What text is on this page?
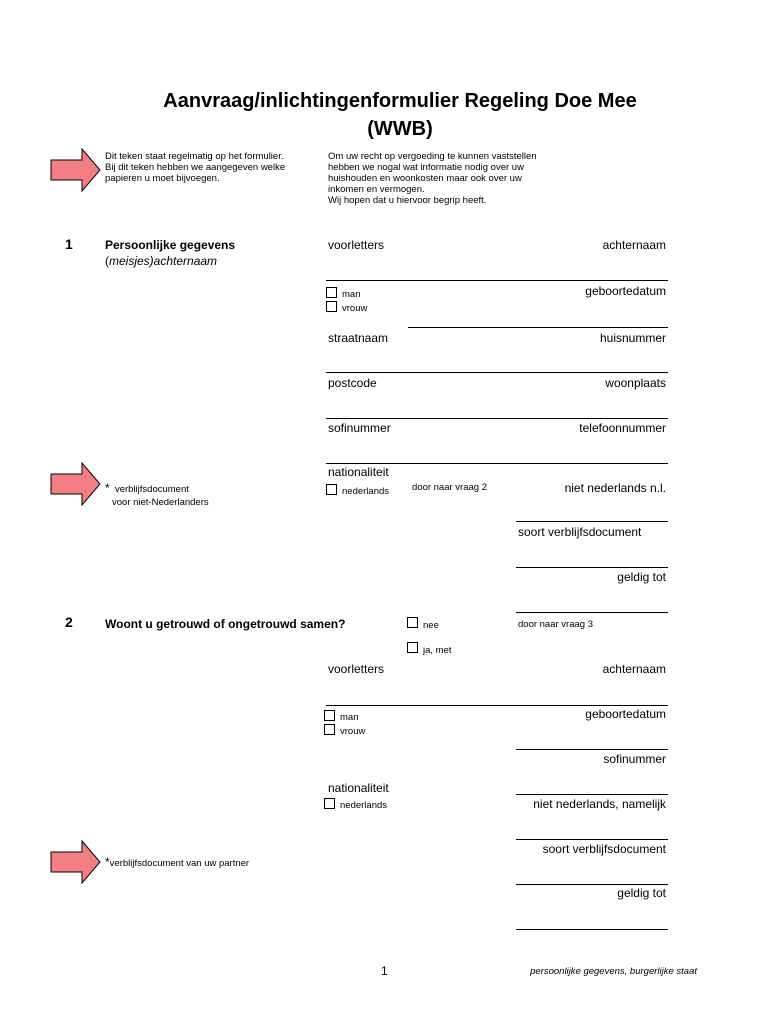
Aanvraag/inlichtingenformulier Regeling Doe Mee
(WWB)
Dit teken staat regelmatig op het formulier.
Bij dit teken hebben we aangegeven welke
papieren u moet bijvoegen.
Om uw recht op vergoeding te kunnen vaststellen
hebben we nogal wat informatie nodig over uw
huishouden en woonkosten maar ook over uw
inkomen en vermogen.
Wij hopen dat u hiervoor begrip heeft.
1	Persoonlijke gegevens
(meisjes)achternaam
voorletters	achternaam
man
vrouw
geboortedatum
straatnaam	huisnummer
postcode	woonplaats
sofinummer	telefoonnummer
nationaliteit
nederlands door naar vraag 2	niet nederlands n.l.
* verblijfsdocument
voor niet-Nederlanders
soort verblijfsdocument
geldig tot
2	Woont u getrouwd of ongetrouwd samen?	nee	door naar vraag 3
ja, met
voorletters	achternaam
man
vrouw
geboortedatum
sofinummer
nationaliteit
nederlands	niet nederlands, namelijk
*verblijfsdocument van uw partner
soort verblijfsdocument
geldig tot
1	persoonlijke gegevens, burgerlijke staat
